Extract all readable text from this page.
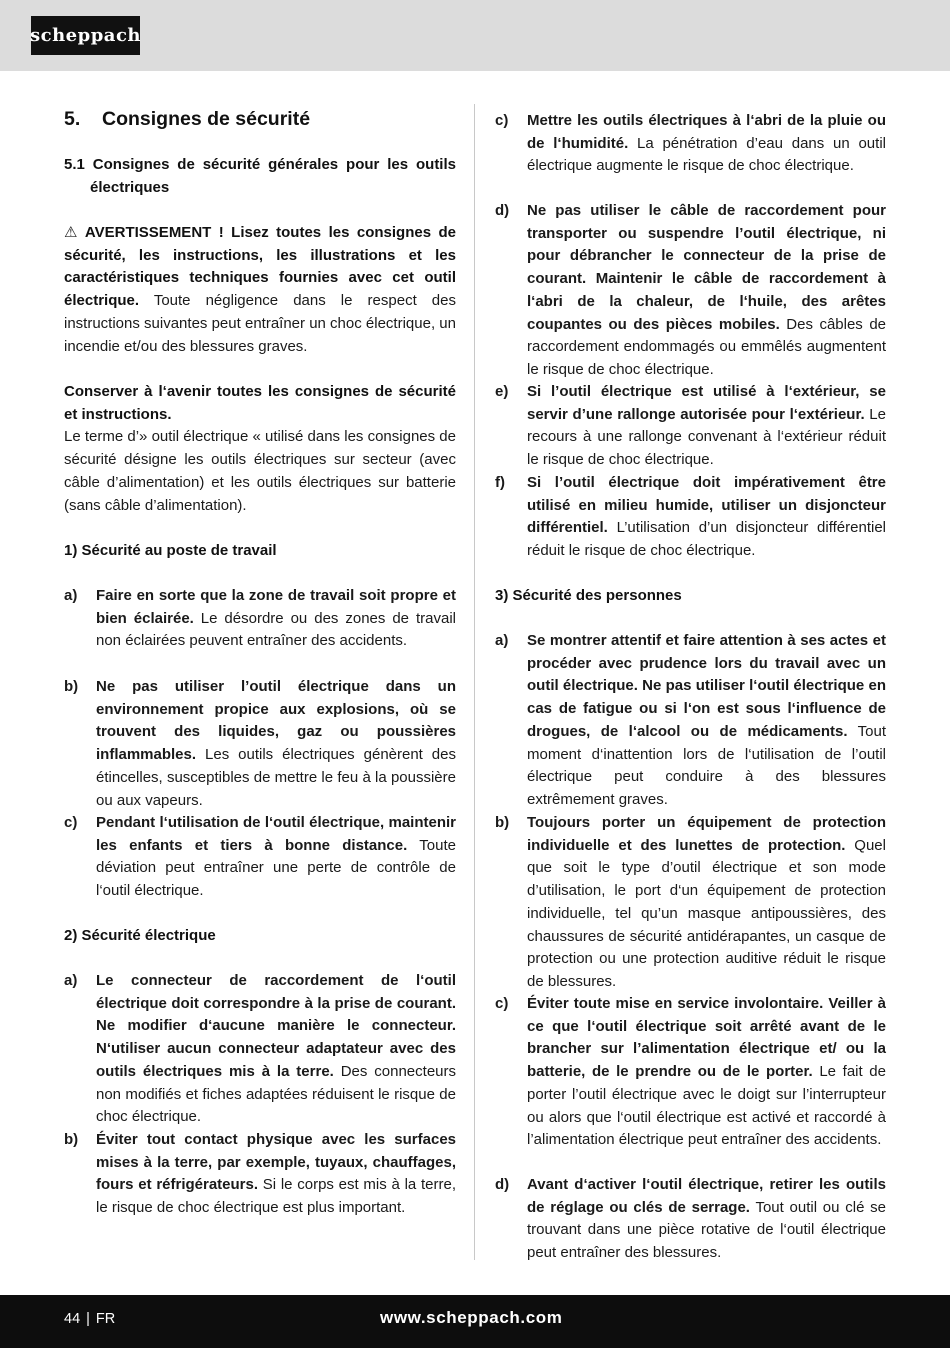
scheppach
5. Consignes de sécurité
5.1 Consignes de sécurité générales pour les outils électriques
⚠ AVERTISSEMENT ! Lisez toutes les consignes de sécurité, les instructions, les illustrations et les caractéristiques techniques fournies avec cet outil électrique. Toute négligence dans le respect des instructions suivantes peut entraîner un choc électrique, un incendie et/ou des blessures graves.
Conserver à l‘avenir toutes les consignes de sécurité et instructions.
Le terme d’» outil électrique « utilisé dans les consignes de sécurité désigne les outils électriques sur secteur (avec câble d’alimentation) et les outils électriques sur batterie (sans câble d’alimentation).
1) Sécurité au poste de travail
a) Faire en sorte que la zone de travail soit propre et bien éclairée. Le désordre ou des zones de travail non éclairées peuvent entraîner des accidents.
b) Ne pas utiliser l’outil électrique dans un environnement propice aux explosions, où se trouvent des liquides, gaz ou poussières inflammables. Les outils électriques génèrent des étincelles, susceptibles de mettre le feu à la poussière ou aux vapeurs.
c) Pendant l‘utilisation de l‘outil électrique, maintenir les enfants et tiers à bonne distance. Toute déviation peut entraîner une perte de contrôle de l‘outil électrique.
2) Sécurité électrique
a) Le connecteur de raccordement de l‘outil électrique doit correspondre à la prise de courant. Ne modifier d‘aucune manière le connecteur. N‘utiliser aucun connecteur adaptateur avec des outils électriques mis à la terre. Des connecteurs non modifiés et fiches adaptées réduisent le risque de choc électrique.
b) Éviter tout contact physique avec les surfaces mises à la terre, par exemple, tuyaux, chauffages, fours et réfrigérateurs. Si le corps est mis à la terre, le risque de choc électrique est plus important.
c) Mettre les outils électriques à l‘abri de la pluie ou de l‘humidité. La pénétration d’eau dans un outil électrique augmente le risque de choc électrique.
d) Ne pas utiliser le câble de raccordement pour transporter ou suspendre l’outil électrique, ni pour débrancher le connecteur de la prise de courant. Maintenir le câble de raccordement à l‘abri de la chaleur, de l‘huile, des arêtes coupantes ou des pièces mobiles. Des câbles de raccordement endommagés ou emmêlés augmentent le risque de choc électrique.
e) Si l’outil électrique est utilisé à l‘extérieur, se servir d’une rallonge autorisée pour l‘extérieur. Le recours à une rallonge convenant à l‘extérieur réduit le risque de choc électrique.
f) Si l’outil électrique doit impérativement être utilisé en milieu humide, utiliser un disjoncteur différentiel. L’utilisation d’un disjoncteur différentiel réduit le risque de choc électrique.
3) Sécurité des personnes
a) Se montrer attentif et faire attention à ses actes et procéder avec prudence lors du travail avec un outil électrique. Ne pas utiliser l‘outil électrique en cas de fatigue ou si l‘on est sous l‘influence de drogues, de l‘alcool ou de médicaments. Tout moment d‘inattention lors de l‘utilisation de l’outil électrique peut conduire à des blessures extrêmement graves.
b) Toujours porter un équipement de protection individuelle et des lunettes de protection. Quel que soit le type d’outil électrique et son mode d’utilisation, le port d‘un équipement de protection individuelle, tel qu’un masque antipoussières, des chaussures de sécurité antidérapantes, un casque de protection ou une protection auditive réduit le risque de blessures.
c) Éviter toute mise en service involontaire. Veiller à ce que l‘outil électrique soit arrêté avant de le brancher sur l’alimentation électrique et/ ou la batterie, de le prendre ou de le porter. Le fait de porter l’outil électrique avec le doigt sur l’interrupteur ou alors que l‘outil électrique est activé et raccordé à l’alimentation électrique peut entraîner des accidents.
d) Avant d‘activer l‘outil électrique, retirer les outils de réglage ou clés de serrage. Tout outil ou clé se trouvant dans une pièce rotative de l‘outil électrique peut entraîner des blessures.
44 | FR	www.scheppach.com
